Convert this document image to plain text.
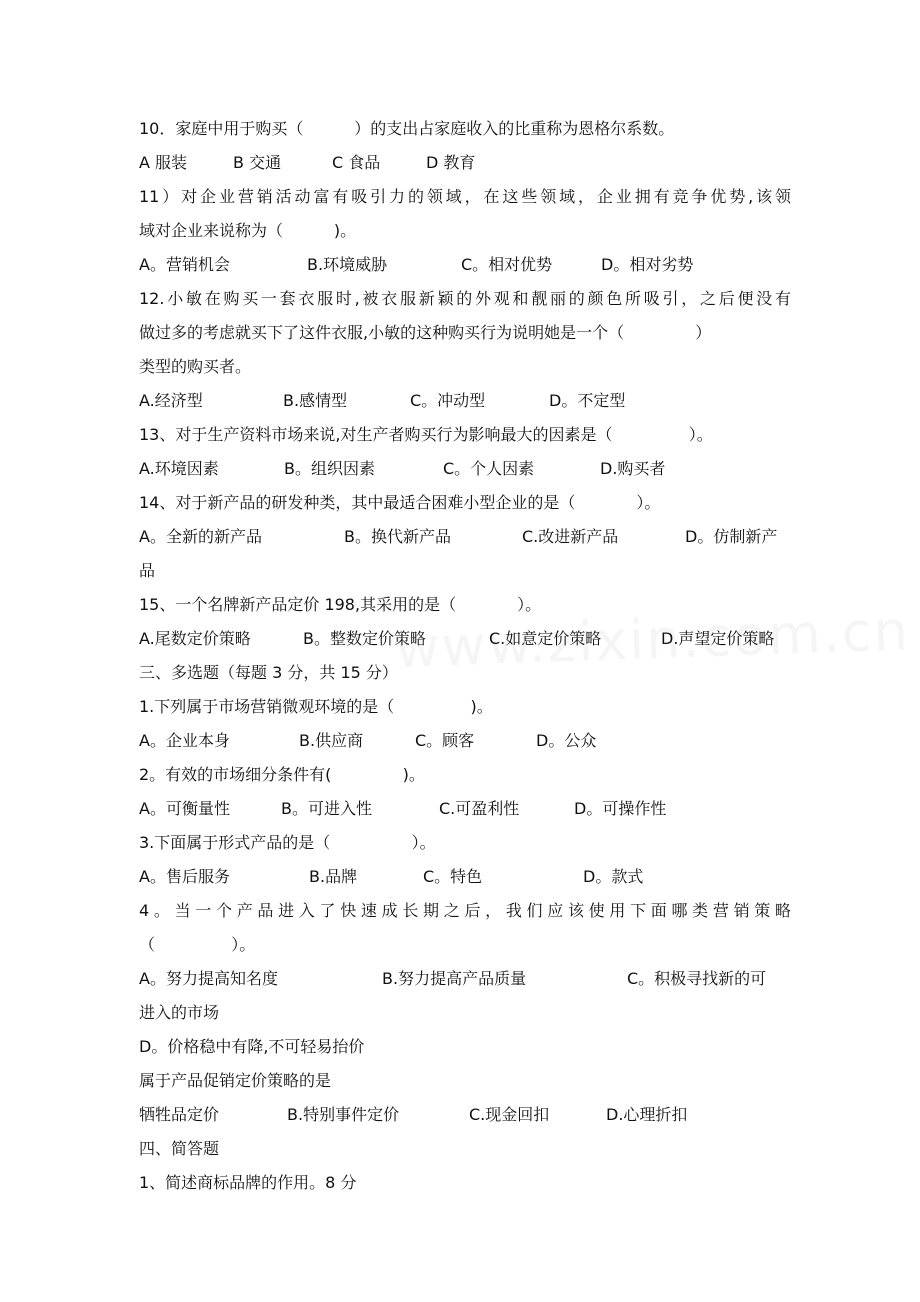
10．家庭中用于购买（          ）的支出占家庭收入的比重称为恩格尔系数。

A 服装

	B 交通

	C 食品

	D 教育

11）对企业营销活动富有吸引力的领域，在这些领域，企业拥有竞争优势,该领
域对企业来说称为（          )。

A。营销机会

	B.环境威胁

	C。相对优势

	D。相对劣势

12.小敏在购买一套衣服时,被衣服新颖的外观和靓丽的颜色所吸引，之后便没有
做过多的考虑就买下了这件衣服,小敏的这种购买行为说明她是一个（              ）
类型的购买者。

A.经济型

	B.感情型

	C。冲动型

	D。不定型

13、对于生产资料市场来说,对生产者购买行为影响最大的因素是（               ）。

A.环境因素

	B。组织因素

	C。个人因素

	D.购买者

14、对于新产品的研发种类，其中最适合困难小型企业的是（            ）。

A。全新的新产品

	B。换代新产品

	C.改进新产品

	D。仿制新产

品
15、一个名牌新产品定价 198,其采用的是（            ）。

A.尾数定价策略

	B。整数定价策略

	C.如意定价策略

	D.声望定价策略

三、多选题（每题 3 分，共 15 分）
1.下列属于市场营销微观环境的是（               )。

A。企业本身

	B.供应商

	C。顾客

	D。公众

2。有效的市场细分条件有(              )。

A。可衡量性

	B。可进入性

	C.可盈利性

	D。可操作性

3.下面属于形式产品的是（                ）。

A。售后服务

	B.品牌

	C。特色

	D。款式

4。当一个产品进入了快速成长期之后，我们应该使用下面哪类营销策略
（               ）。

A。努力提高知名度

	B.努力提高产品质量

	C。积极寻找新的可

进入的市场
D。价格稳中有降,不可轻易抬价
属于产品促销定价策略的是

牺牲品定价

	B.特别事件定价

	C.现金回扣

	D.心理折扣

四、简答题
1、简述商标品牌的作用。8 分
